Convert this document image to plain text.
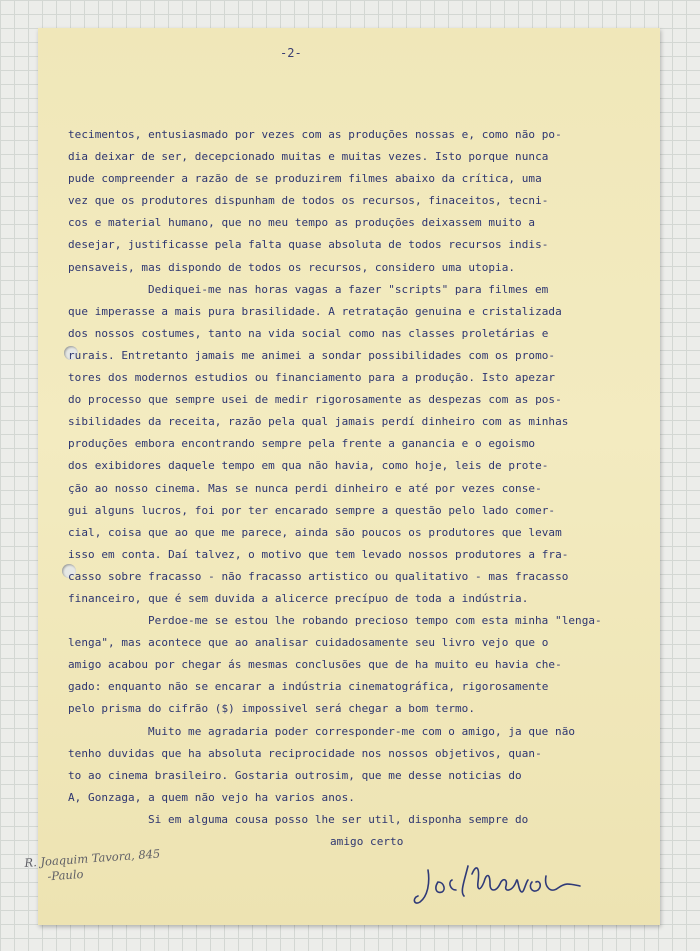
-2-
tecimentos, entusiasmado por vezes com as produções nossas e, como não po-
dia deixar de ser, decepcionado muitas e muitas vezes. Isto porque nunca
pude compreender a razão de se produzirem filmes abaixo da crítica, uma
vez que os produtores dispunham de todos os recursos, finaceitos, tecni-
cos e material humano, que no meu tempo as produções deixassem muito a
desejar, justificasse pela falta quase absoluta de todos recursos indis-
pensaveis, mas dispondo de todos os recursos, considero uma utopia.
Dediquei-me nas horas vagas a fazer "scripts" para filmes em
que imperasse a mais pura brasilidade. A retratação genuina e cristalizada
dos nossos costumes, tanto na vida social como nas classes proletárias e
rurais. Entretanto jamais me animei a sondar possibilidades com os promo-
tores dos modernos estudios ou financiamento para a produção. Isto apezar
do processo que sempre usei de medir rigorosamente as despezas com as pos-
sibilidades da receita, razão pela qual jamais perdí dinheiro com as minhas
produções embora encontrando sempre pela frente a ganancia e o egoismo
dos exibidores daquele tempo em qua não havia, como hoje, leis de prote-
ção ao nosso cinema. Mas se nunca perdi dinheiro e até por vezes conse-
gui alguns lucros, foi por ter encarado sempre a questão pelo lado comer-
cial, coisa que ao que me parece, ainda são poucos os produtores que levam
isso em conta. Daí talvez, o motivo que tem levado nossos produtores a fra-
casso sobre fracasso - não fracasso artistico ou qualitativo - mas fracasso
financeiro, que é sem duvida a alicerce precípuo de toda a indústria.
Perdoe-me se estou lhe robando precioso tempo com esta minha "lenga-
lenga", mas acontece que ao analisar cuidadosamente seu livro vejo que o
amigo acabou por chegar ás mesmas conclusões que de ha muito eu havia che-
gado: enquanto não se encarar a indústria cinematográfica, rigorosamente
pelo prisma do cifrão ($) impossivel será chegar a bom termo.
Muito me agradaria poder corresponder-me com o amigo, ja que não
tenho duvidas que ha absoluta reciprocidade nos nossos objetivos, quan-
to ao cinema brasileiro. Gostaria outrosim, que me desse noticias do
A, Gonzaga, a quem não vejo ha varios anos.
Si em alguma cousa posso lhe ser util, disponha sempre do
amigo certo
R. Joaquim Tavora, 845
-Paulo
